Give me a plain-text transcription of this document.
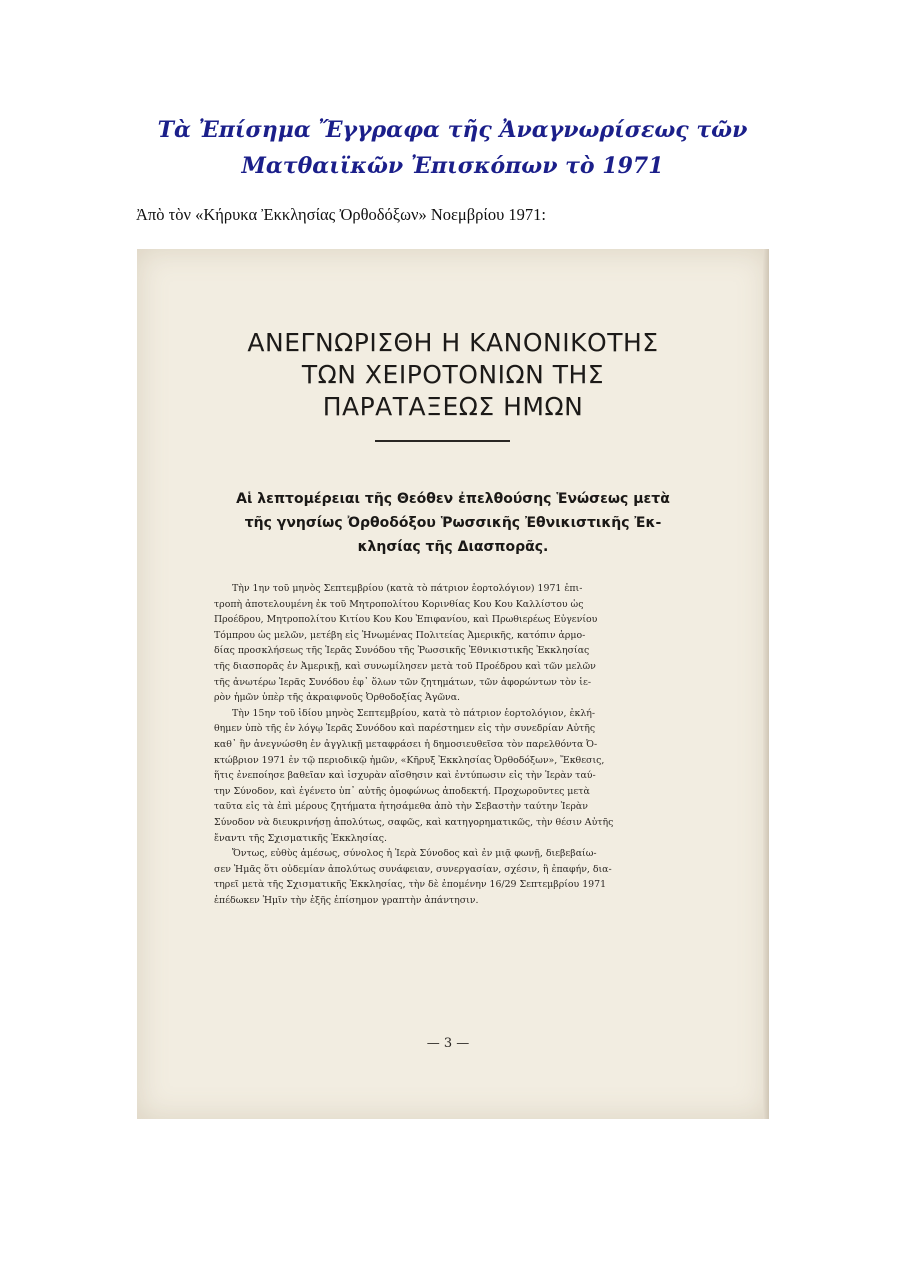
Τὰ Ἐπίσημα Ἔγγραφα τῆς Ἀναγνωρίσεως τῶν
Ματθαιϊκῶν Ἐπισκόπων τὸ 1971
Ἀπὸ τὸν «Κήρυκα Ἐκκλησίας Ὀρθοδόξων» Νοεμβρίου 1971:
ΑΝΕΓΝΩΡΙΣΘΗ Η ΚΑΝΟΝΙΚΟΤΗΣ
ΤΩΝ ΧΕΙΡΟΤΟΝΙΩΝ ΤΗΣ
ΠΑΡΑΤΑΞΕΩΣ ΗΜΩΝ
Αἱ λεπτομέρειαι τῆς Θεόθεν ἐπελθούσης Ἑνώσεως μετὰ
τῆς γνησίως Ὀρθοδόξου Ῥωσσικῆς Ἐθνικιστικῆς Ἐκ-
κλησίας τῆς Διασπορᾶς.
Τὴν 1ην τοῦ μηνὸς Σεπτεμβρίου (κατὰ τὸ πάτριον ἑορτολόγιον) 1971 ἐπι-
τροπὴ ἀποτελουμένη ἐκ τοῦ Μητροπολίτου Κορινθίας Κου Κου Καλλίστου ὡς
Προέδρου, Μητροπολίτου Κιτίου Κου Κου Ἐπιφανίου, καὶ Πρωθιερέως Εὐγενίου
Τόμπρου ὡς μελῶν, μετέβη εἰς Ἡνωμένας Πολιτείας Ἀμερικῆς, κατόπιν ἁρμο-
δίας προσκλήσεως τῆς Ἱερᾶς Συνόδου τῆς Ῥωσσικῆς Ἐθνικιστικῆς Ἐκκλησίας
τῆς διασπορᾶς ἐν Ἀμερικῇ, καὶ συνωμίλησεν μετὰ τοῦ Προέδρου καὶ τῶν μελῶν
τῆς ἀνωτέρω Ἱερᾶς Συνόδου ἐφ᾽ ὅλων τῶν ζητημάτων, τῶν ἀφορώντων τὸν ἱε-
ρὸν ἡμῶν ὑπὲρ τῆς ἀκραιφνοῦς Ὀρθοδοξίας Ἀγῶνα.
Τὴν 15ην τοῦ ἰδίου μηνὸς Σεπτεμβρίου, κατὰ τὸ πάτριον ἑορτολόγιον, ἐκλή-
θημεν ὑπὸ τῆς ἐν λόγῳ Ἱερᾶς Συνόδου καὶ παρέστημεν εἰς τὴν συνεδρίαν Αὐτῆς
καθ᾽ ἣν ἀνεγνώσθη ἐν ἀγγλικῇ μεταφράσει ἡ δημοσιευθεῖσα τὸν παρελθόντα Ὀ-
κτώβριον 1971 ἐν τῷ περιοδικῷ ἡμῶν, «Κῆρυξ Ἐκκλησίας Ὀρθοδόξων», Ἔκθεσις,
ἥτις ἐνεποίησε βαθεῖαν καὶ ἰσχυρὰν αἴσθησιν καὶ ἐντύπωσιν εἰς τὴν Ἱερὰν ταύ-
την Σύνοδον, καὶ ἐγένετο ὑπ᾽ αὐτῆς ὁμοφώνως ἀποδεκτή. Προχωροῦντες μετὰ
ταῦτα εἰς τὰ ἐπὶ μέρους ζητήματα ἠτησάμεθα ἀπὸ τὴν Σεβαστὴν ταύτην Ἱερὰν
Σύνοδον νὰ διευκρινήσῃ ἀπολύτως, σαφῶς, καὶ κατηγορηματικῶς, τὴν θέσιν Αὐτῆς
ἔναντι τῆς Σχισματικῆς Ἐκκλησίας.
Ὄντως, εὐθὺς ἀμέσως, σύνολος ἡ Ἱερὰ Σύνοδος καὶ ἐν μιᾷ φωνῇ, διεβεβαίω-
σεν Ἡμᾶς ὅτι οὐδεμίαν ἀπολύτως συνάφειαν, συνεργασίαν, σχέσιν, ἢ ἐπαφήν, δια-
τηρεῖ μετὰ τῆς Σχισματικῆς Ἐκκλησίας, τὴν δὲ ἐπομένην 16/29 Σεπτεμβρίου 1971
ἐπέδωκεν Ἡμῖν τὴν ἑξῆς ἐπίσημον γραπτὴν ἀπάντησιν.
— 3 —
